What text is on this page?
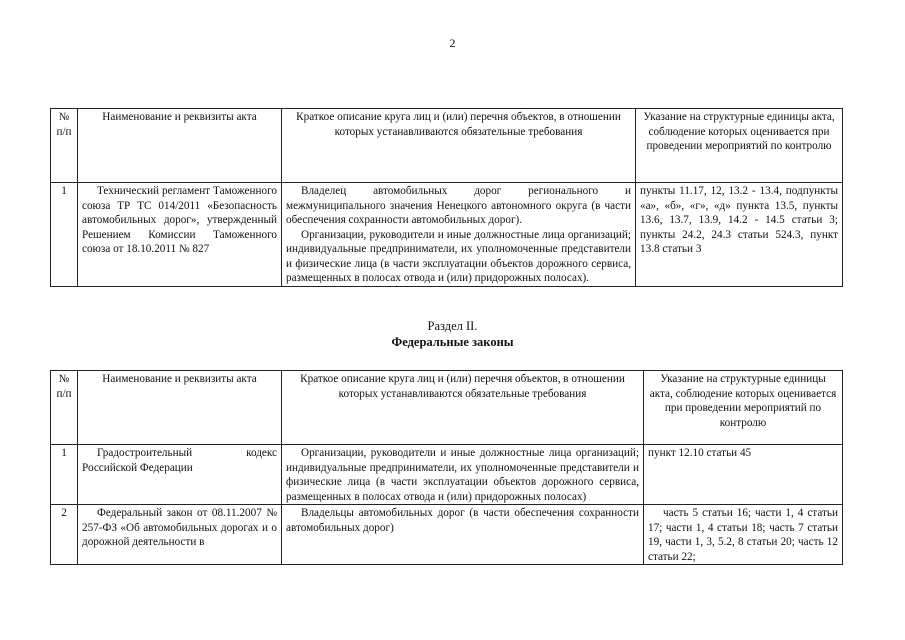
2
№ п/п	Наименование и реквизиты акта	Краткое описание круга лиц и (или) перечня объектов, в отношении которых устанавливаются обязательные требования	Указание на структурные единицы акта, соблюдение которых оценивается при проведении мероприятий по контролю
1	Технический регламент Таможенного союза ТР ТС 014/2011 «Безопасность автомобильных дорог», утвержденный Решением Комиссии Таможенного союза от 18.10.2011 № 827	Владелец автомобильных дорог регионального и межмуниципального значения Ненецкого автономного округа (в части обеспечения сохранности автомобильных дорог).
Организации, руководители и иные должностные лица организаций; индивидуальные предприниматели, их уполномоченные представители и физические лица (в части эксплуатации объектов дорожного сервиса, размещенных в полосах отвода и (или) придорожных полосах).	пункты 11.17, 12, 13.2 - 13.4, подпункты «а», «б», «г», «д» пункта 13.5, пункты 13.6, 13.7, 13.9, 14.2 - 14.5 статьи 3; пункты 24.2, 24.3 статьи 524.3, пункт 13.8 статьи 3
Раздел II.
Федеральные законы
№ п/п	Наименование и реквизиты акта	Краткое описание круга лиц и (или) перечня объектов, в отношении которых устанавливаются обязательные требования	Указание на структурные единицы акта, соблюдение которых оценивается при проведении мероприятий по контролю
1	Градостроительный кодекс Российской Федерации	Организации, руководители и иные должностные лица организаций; индивидуальные предприниматели, их уполномоченные представители и физические лица (в части эксплуатации объектов дорожного сервиса, размещенных в полосах отвода и (или) придорожных полосах)	пункт 12.10 статьи 45
2	Федеральный закон от 08.11.2007 № 257-ФЗ «Об автомобильных дорогах и о дорожной деятельности в	Владельцы автомобильных дорог (в части обеспечения сохранности автомобильных дорог)	часть 5 статьи 16; части 1, 4 статьи 17; части 1, 4 статьи 18; часть 7 статьи 19, части 1, 3, 5.2, 8 статьи 20; часть 12 статьи 22;
